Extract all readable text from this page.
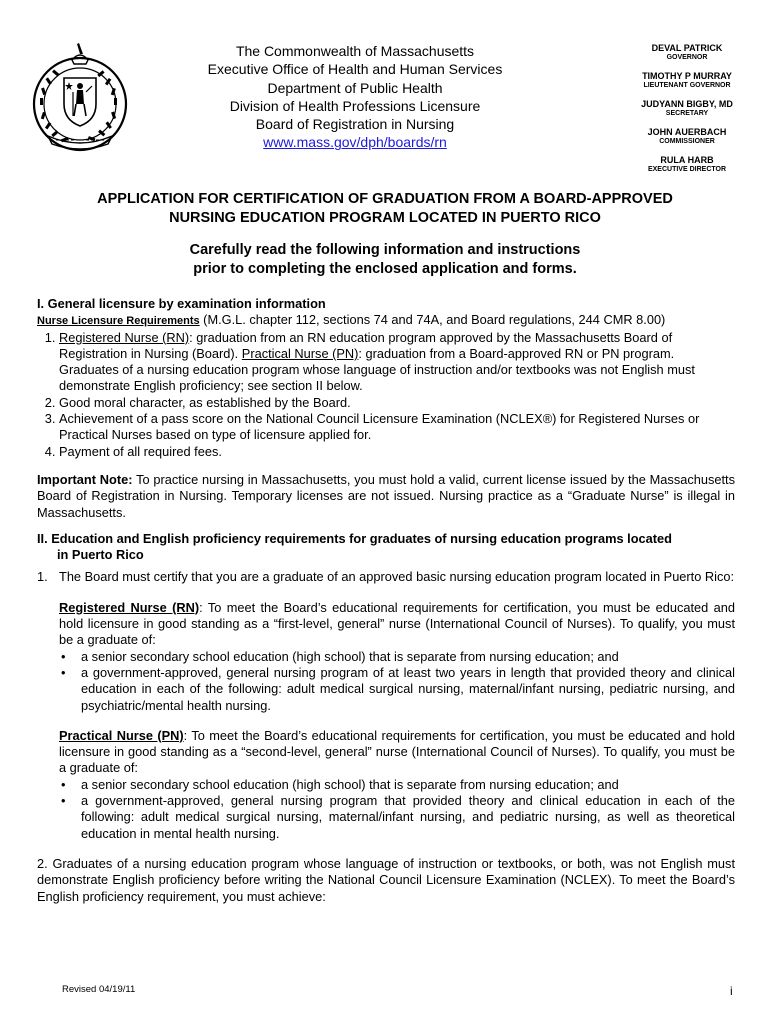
The Commonwealth of Massachusetts
Executive Office of Health and Human Services
Department of Public Health
Division of Health Professions Licensure
Board of Registration in Nursing
www.mass.gov/dph/boards/rn
DEVAL PATRICK
GOVERNOR
TIMOTHY P MURRAY
LIEUTENANT GOVERNOR
JUDYANN BIGBY, MD
SECRETARY
JOHN AUERBACH
COMMISSIONER
RULA HARB
EXECUTIVE DIRECTOR
APPLICATION FOR CERTIFICATION OF GRADUATION FROM A BOARD-APPROVED
NURSING EDUCATION PROGRAM LOCATED IN PUERTO RICO
Carefully read the following information and instructions
prior to completing the enclosed application and forms.

I. General licensure by examination information

Nurse Licensure Requirements (M.G.L. chapter 112, sections 74 and 74A, and Board regulations, 244 CMR 8.00)

1. Registered Nurse (RN): graduation from an RN education program approved by the Massachusetts Board of Registration in Nursing (Board). Practical Nurse (PN): graduation from a Board-approved RN or PN program. Graduates of a nursing education program whose language of instruction and/or textbooks was not English must demonstrate English proficiency; see section II below.
2. Good moral character, as established by the Board.
3. Achievement of a pass score on the National Council Licensure Examination (NCLEX®) for Registered Nurses or Practical Nurses based on type of licensure applied for.
4. Payment of all required fees.

Important Note: To practice nursing in Massachusetts, you must hold a valid, current license issued by the Massachusetts Board of Registration in Nursing. Temporary licenses are not issued. Nursing practice as a “Graduate Nurse” is illegal in Massachusetts.

II. Education and English proficiency requirements for graduates of nursing education programs located
in Puerto Rico
1. The Board must certify that you are a graduate of an approved basic nursing education program located in Puerto Rico:
Registered Nurse (RN): To meet the Board’s educational requirements for certification, you must be educated and hold licensure in good standing as a “first-level, general” nurse (International Council of Nurses). To qualify, you must be a graduate of:
• a senior secondary school education (high school) that is separate from nursing education; and
• a government-approved, general nursing program of at least two years in length that provided theory and clinical education in each of the following: adult medical surgical nursing, maternal/infant nursing, pediatric nursing, and psychiatric/mental health nursing.
Practical Nurse (PN): To meet the Board’s educational requirements for certification, you must be educated and hold licensure in good standing as a “second-level, general” nurse (International Council of Nurses). To qualify, you must be a graduate of:
• a senior secondary school education (high school) that is separate from nursing education; and
• a government-approved, general nursing program that provided theory and clinical education in each of the following: adult medical surgical nursing, maternal/infant nursing, and pediatric nursing, as well as theoretical education in mental health nursing.

2. Graduates of a nursing education program whose language of instruction or textbooks, or both, was not English must demonstrate English proficiency before writing the National Council Licensure Examination (NCLEX). To meet the Board’s English proficiency requirement, you must achieve:

Revised 04/19/11	i
